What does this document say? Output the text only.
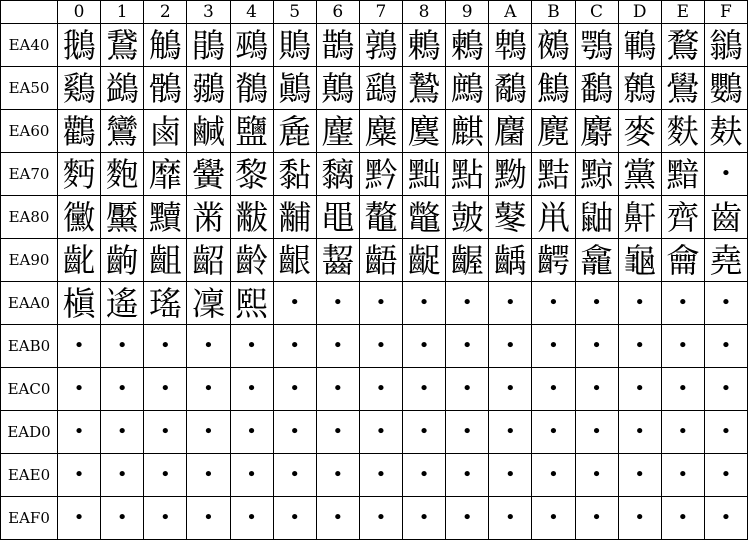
	0	1	2	3	4	5	6	7	8	9	A	B	C	D	E	F
EA40	鵝	鵞	鵤	鵑	鵐	鵙	鵲	鶉	鶇	鶫	鵯	鵺	鶚	鶤	鶩	鶲
EA50	鷄	鷁	鶻	鶸	鶺	鷆	鷏	鷂	鷙	鷓	鷸	鷦	鷭	鷯	鷽	鸚
EA60	鸛	鸞	鹵	鹹	鹽	麁	麈	麋	麌	麒	麕	麑	麝	麥	麩	麸
EA70	麪	麭	靡	黌	黎	黏	黐	黔	黜	點	黝	黠	黥	黨	黯	•
EA80	黴	黶	黷	黹	黻	黼	黽	鼇	鼈	皷	鼕	鼡	鼬	鼾	齊	齒
EA90	齔	齣	齟	齠	齡	齦	齧	齬	齪	齷	齲	齶	龕	龜	龠	堯
EAA0	槇	遙	瑤	凜	熙	•	•	•	•	•	•	•	•	•	•	•
EAB0	•	•	•	•	•	•	•	•	•	•	•	•	•	•	•	•
EAC0	•	•	•	•	•	•	•	•	•	•	•	•	•	•	•	•
EAD0	•	•	•	•	•	•	•	•	•	•	•	•	•	•	•	•
EAE0	•	•	•	•	•	•	•	•	•	•	•	•	•	•	•	•
EAF0	•	•	•	•	•	•	•	•	•	•	•	•	•	•	•	•
